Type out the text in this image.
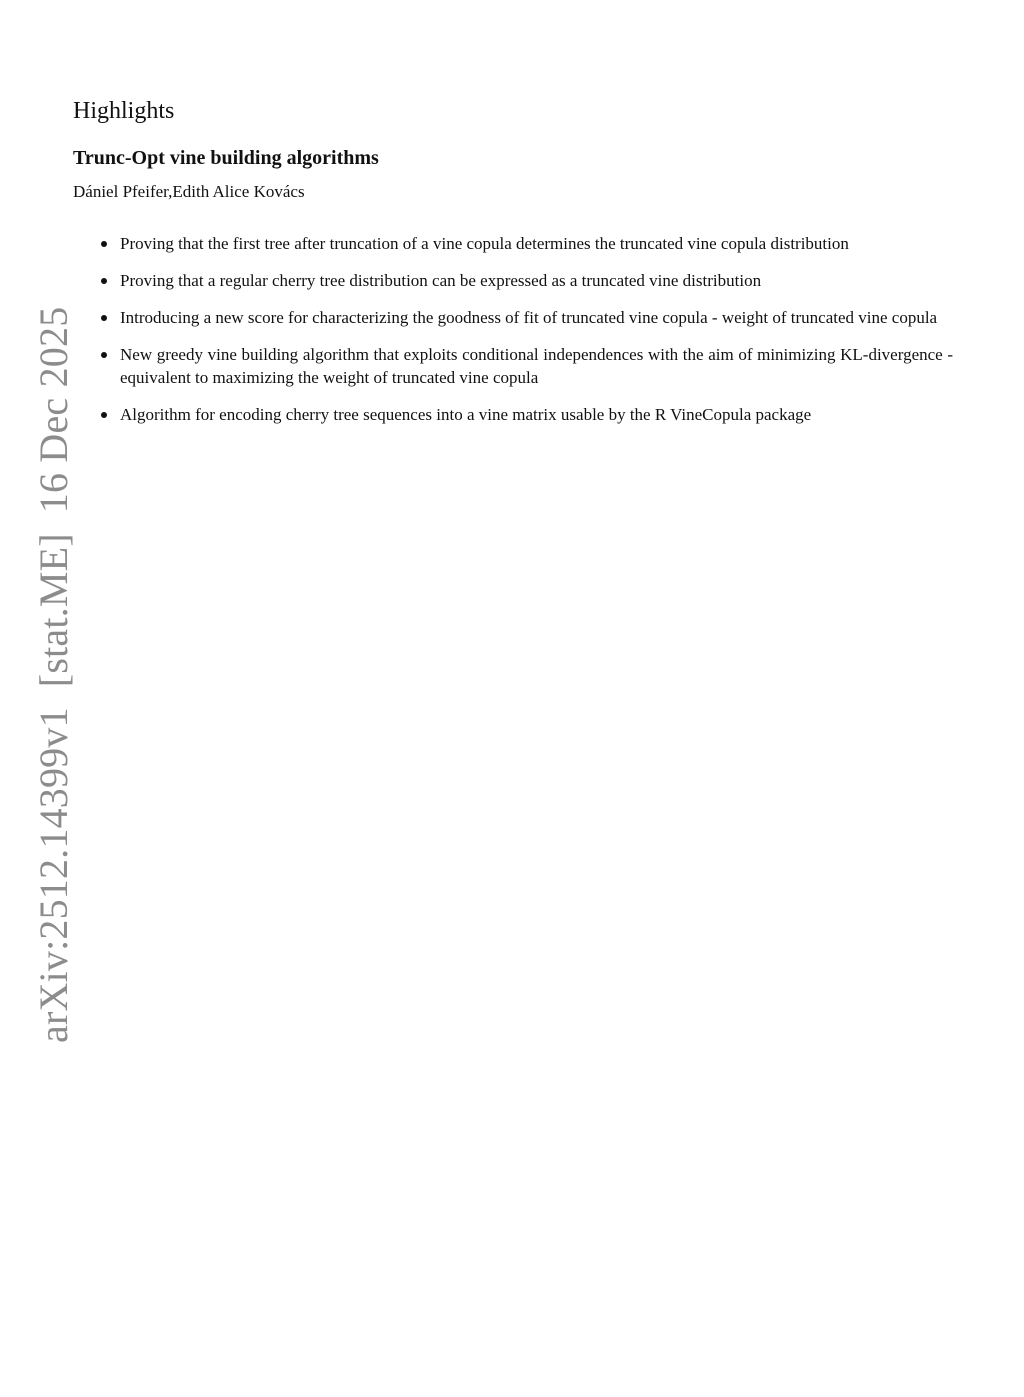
arXiv:2512.14399v1[stat.ME]16 Dec 2025
Highlights
Trunc-Opt vine building algorithms

Dániel Pfeifer,Edith Alice Kovács

Proving that the first tree after truncation of a vine copula determines the truncated vine copula distribution
Proving that a regular cherry tree distribution can be expressed as a truncated vine distribution
Introducing a new score for characterizing the goodness of fit of truncated vine copula - weight of truncated vine copula
New greedy vine building algorithm that exploits conditional independences with the aim of minimizing KL-divergence - equivalent to maximizing the weight of truncated vine copula
Algorithm for encoding cherry tree sequences into a vine matrix usable by the R VineCopula package
